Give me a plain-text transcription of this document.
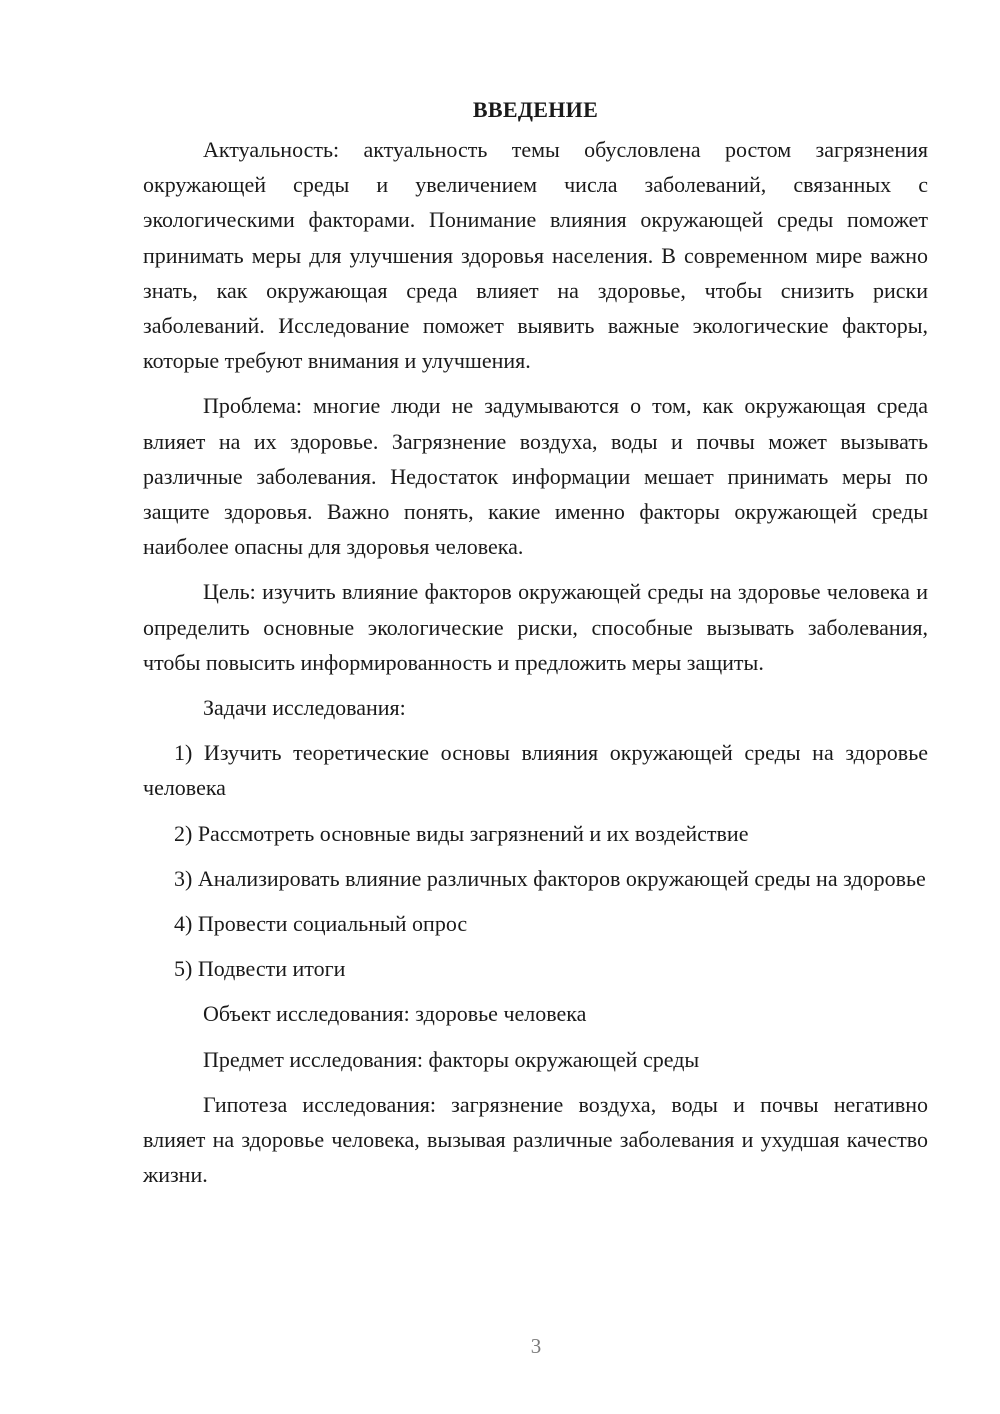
ВВЕДЕНИЕ

Актуальность: актуальность темы обусловлена ростом загрязнения окружающей среды и увеличением числа заболеваний, связанных с экологическими факторами. Понимание влияния окружающей среды поможет принимать меры для улучшения здоровья населения. В современном мире важно знать, как окружающая среда влияет на здоровье, чтобы снизить риски заболеваний. Исследование поможет выявить важные экологические факторы, которые требуют внимания и улучшения.

Проблема: многие люди не задумываются о том, как окружающая среда влияет на их здоровье. Загрязнение воздуха, воды и почвы может вызывать различные заболевания. Недостаток информации мешает принимать меры по защите здоровья. Важно понять, какие именно факторы окружающей среды наиболее опасны для здоровья человека.

Цель: изучить влияние факторов окружающей среды на здоровье человека и определить основные экологические риски, способные вызывать заболевания, чтобы повысить информированность и предложить меры защиты.

Задачи исследования:

1) Изучить теоретические основы влияния окружающей среды на здоровье человека

2) Рассмотреть основные виды загрязнений и их воздействие

3) Анализировать влияние различных факторов окружающей среды на здоровье

4) Провести социальный опрос

5) Подвести итоги

Объект исследования: здоровье человека

Предмет исследования: факторы окружающей среды

Гипотеза исследования: загрязнение воздуха, воды и почвы негативно влияет на здоровье человека, вызывая различные заболевания и ухудшая качество жизни.

3
